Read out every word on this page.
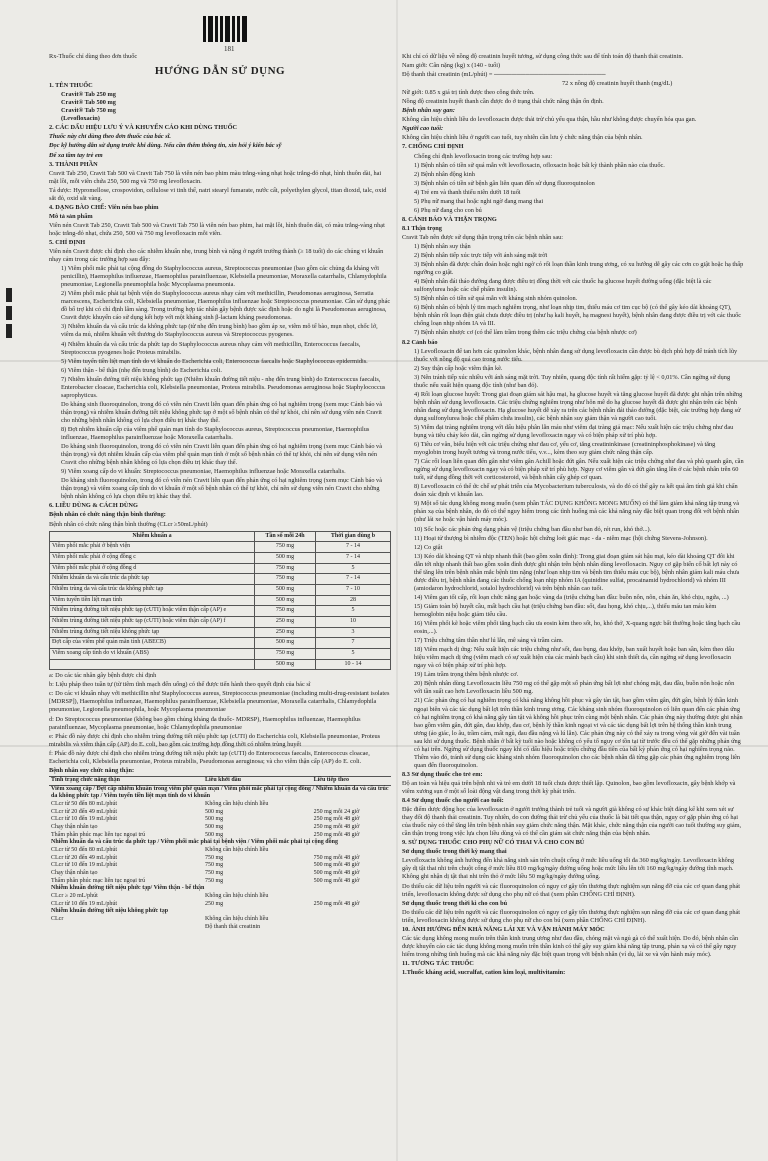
181
Rx-Thuốc chỉ dùng theo đơn thuốc
HƯỚNG DẪN SỬ DỤNG
1. TÊN THUỐC
Cravit® Tab 250 mg
Cravit® Tab 500 mg
Cravit® Tab 750 mg
(Levofloxacin)
2. CÁC DẤU HIỆU LƯU Ý VÀ KHUYẾN CÁO KHI DÙNG THUỐC
Thuốc này chỉ dùng theo đơn thuốc của bác sĩ.
Đọc kỹ hướng dẫn sử dụng trước khi dùng. Nếu cần thêm thông tin, xin hỏi ý kiến bác sỹ
Để xa tầm tay trẻ em
3. THÀNH PHẦN
Cravit Tab 250, Cravit Tab 500 và Cravit Tab 750 là viên nén bao phim màu trắng-vàng nhạt hoặc trắng-đỏ nhạt, hình thuôn dài, hai mặt lồi, mỗi viên chứa 250, 500 mg và 750 mg levofloxacin.
Tá dược: Hypromellose, crospovidon, cellulose vi tinh thể, natri stearyl fumarate, nước cất, polyethylen glycol, titan dioxid, talc, oxid sắt đỏ, oxid sắt vàng.
4. DẠNG BÀO CHẾ: Viên nén bao phim
Mô tả sản phẩm
Viên nén Cravit Tab 250, Cravit Tab 500 và Cravit Tab 750 là viên nén bao phim, hai mặt lồi, hình thuôn dài, có màu trắng-vàng nhạt hoặc trắng-đỏ nhạt, chứa 250, 500 và 750 mg levofloxacin mỗi viên.
5. CHỈ ĐỊNH
Viên nén Cravit được chỉ định cho các nhiễm khuẩn nhẹ, trung bình và nặng ở người trưởng thành (≥ 18 tuổi) do các chủng vi khuẩn nhạy cảm trong các trường hợp sau đây:
1) Viêm phổi mắc phải tại cộng đồng do Staphylococcus aureus, Streptococcus pneumoniae (bao gồm các chủng đa kháng với penicillin), Haemophilus influenzae, Haemophilus parainfluenzae, Klebsiella pneumoniae, Moraxella catarrhalis, Chlamydophila pneumoniae, Legionella pneumophila hoặc Mycoplasma pneumonia.
2) Viêm phổi mắc phải tại bệnh viện do Staphylococcus aureus nhạy cảm với methicillin, Pseudomonas aeruginosa, Serratia marcescens, Escherichia coli, Klebsiella pneumoniae, Haemophilus influenzae hoặc Streptococcus pneumoniae. Cần sử dụng phác đồ bổ trợ khi có chỉ định lâm sàng. Trong trường hợp tác nhân gây bệnh được xác định hoặc do nghi là Pseudomonas aeruginosa, Cravit được khuyến cáo sử dụng kết hợp với một kháng sinh β-lactam kháng pseudomonas.
3) Nhiễm khuẩn da và cấu trúc da không phức tạp (từ nhẹ đến trung bình) bao gồm áp xe, viêm mô tế bào, mụn nhọt, chốc lở, viêm da mủ, nhiễm khuẩn vết thương do Staphylococcus aureus và Streptococcus pyogenes.
4) Nhiễm khuẩn da và cấu trúc da phức tạp do Staphylococcus aureus nhạy cảm với methicillin, Enterococcus faecalis, Streptococcus pyogenes hoặc Proteus mirabilis.
5) Viêm tuyến tiền liệt mạn tính do vi khuẩn do Escherichia coli, Enterococcus faecalis hoặc Staphylococcus epidermidis.
6) Viêm thận - bể thận (nhẹ đến trung bình) do Escherichia coli.
7) Nhiễm khuẩn đường tiết niệu không phức tạp (Nhiễm khuẩn đường tiết niệu - nhẹ đến trung bình) do Enterococcus faecalis, Enterobacter cloacae, Escherichia coli, Klebsiella pneumoniae, Proteus mirabilis. Pseudomonas aeruginosa hoặc Staphylococcus saprophyticus.
Do kháng sinh fluoroquinolon, trong đó có viên nén Cravit liên quan đến phản ứng có hại nghiêm trọng (xem mục Cảnh báo và thận trọng) và nhiễm khuẩn đường tiết niệu không phức tạp ở một số bệnh nhân có thể tự khỏi, chỉ nên sử dụng viên nén Cravit cho những bệnh nhân không có lựa chọn điều trị khác thay thế.
8) Đợt nhiễm khuẩn cấp của viêm phế quản mạn tính do Staphylococcus aureus, Streptococcus pneumoniae, Haemophilus influenzae, Haemophilus parainfluenzae hoặc Moraxella catarrhalis.
Do kháng sinh fluoroquinolon, trong đó có viên nén Cravit liên quan đến phản ứng có hại nghiêm trọng (xem mục Cảnh báo và thận trọng) và đợt nhiễm khuẩn cấp của viêm phế quản mạn tính ở một số bệnh nhân có thể tự khỏi, chỉ nên sử dụng viên nén Cravit cho những bệnh nhân không có lựa chọn điều trị khác thay thế.
9) Viêm xoang cấp do vi khuẩn: Streptococcus pneumoniae, Haemophilus influenzae hoặc Moraxella catarrhalis.
Do kháng sinh fluoroquinolon, trong đó có viên nén Cravit liên quan đến phản ứng có hại nghiêm trọng (xem mục Cảnh báo và thận trọng) và viêm xoang cấp tính do vi khuẩn ở một số bệnh nhân có thể tự khỏi, chỉ nên sử dụng viên nén Cravit cho những bệnh nhân không có lựa chọn điều trị khác thay thế.
6. LIỀU DÙNG & CÁCH DÙNG
Bệnh nhân có chức năng thận bình thường:
Bệnh nhân có chức năng thận bình thường (CLcr ≥50mL/phút)
Nhiễm khuẩn a	Tần số mỗi 24h	Thời gian dùng b
Viêm phổi mắc phải ở bệnh viện	750 mg	7 - 14
Viêm phổi mắc phải ở cộng đồng c	500 mg	7 - 14
Viêm phổi mắc phải ở cộng đồng d	750 mg	5
Nhiễm khuẩn da và cấu trúc da phức tạp	750 mg	7 - 14
Nhiễm trùng da và cấu trúc da không phức tạp	500 mg	7 - 10
Viêm tuyến tiền liệt mạn tính	500 mg	28
Nhiễm trùng đường tiết niệu phức tạp (cUTI) hoặc viêm thận cấp (AP) e	750 mg	5
Nhiễm trùng đường tiết niệu phức tạp (cUTI) hoặc viêm thận cấp (AP) f	250 mg	10
Nhiễm trùng đường tiết niệu không phức tạp	250 mg	3
Đợt cấp của viêm phế quản mãn tính (ABECB)	500 mg	7
Viêm xoang cấp tính do vi khuẩn (ABS)	750 mg	5
	500 mg	10 - 14
a: Do các tác nhân gây bệnh được chỉ định
b: Liệu pháp theo tuần tự (từ tiêm tĩnh mạch đến uống) có thể được tiến hành theo quyết định của bác sĩ
c: Do các vi khuẩn nhạy với methicillin như Staphylococcus aureus, Streptococcus pneumoniae (including multi-drug-resistant isolates [MDRSP]), Haemophilus influenzae, Haemophilus parainfluenzae, Klebsiella pneumoniae, Moraxella catarrhalis, Chlamydophila pneumoniae, Legionella pneumophila, hoặc Mycoplasma pneumoniae
d: Do Streptococcus pneumoniae (không bao gồm chủng kháng đa thuốc- MDRSP), Haemophilus influenzae, Haemophilus parainfluenzae, Mycoplasma pneumoniae, hoặc Chlamydophila pneumoniae
e: Phác đồ này được chỉ định cho nhiễm trùng đường tiết niệu phức tạp (cUTI) do Escherichia coli, Klebsiella pneumoniae, Proteus mirabilis và viêm thận cấp (AP) do E. coli, bao gồm các trường hợp đồng thời có nhiễm trùng huyết
f: Phác đồ này được chỉ định cho nhiễm trùng đường tiết niệu phức tạp (cUTI) do Enterococcus faecalis, Enterococcus cloacae, Escherichia coli, Klebsiella pneumoniae, Proteus mirabilis, Pseudomonas aeruginosa; và cho viêm thận cấp (AP) do E. coli.
Bệnh nhân suy chức năng thận:
Tình trạng chức năng thận	Liều khởi đầu	Liều tiếp theo
Viêm xoang cấp / Đợt cấp nhiễm khuẩn trong viêm phế quản mạn / Viêm phổi mắc phải tại cộng đồng / Nhiễm khuẩn da và cấu trúc da không phức tạp / Viêm tuyến tiền liệt mạn tính do vi khuẩn		
CLcr từ 50 đến 80 mL/phút	Không cần hiệu chỉnh liều	
CLcr từ 20 đến 49 mL/phút	500 mg	250 mg mỗi 24 giờ
CLcr từ 10 đến 19 mL/phút	500 mg	250 mg mỗi 48 giờ
Chạy thận nhân tạo	500 mg	250 mg mỗi 48 giờ
Thẩm phân phúc mạc liên tục ngoại trú	500 mg	250 mg mỗi 48 giờ
Nhiễm khuẩn da và cấu trúc da phức tạp / Viêm phổi mắc phải tại bệnh viện / Viêm phổi mắc phải tại cộng đồng		
CLcr từ 50 đến 80 mL/phút	Không cần hiệu chỉnh liều	
CLcr từ 20 đến 49 mL/phút	750 mg	750 mg mỗi 48 giờ
CLcr từ 10 đến 19 mL/phút	750 mg	500 mg mỗi 48 giờ
Chạy thận nhân tạo	750 mg	500 mg mỗi 48 giờ
Thẩm phân phúc mạc liên tục ngoại trú	750 mg	500 mg mỗi 48 giờ
Nhiễm khuẩn đường tiết niệu phức tạp/ Viêm thận - bể thận		
CLcr ≥ 20 mL/phút	Không cần hiệu chỉnh liều	
CLcr từ 10 đến 19 mL/phút	250 mg	250 mg mỗi 48 giờ
Nhiễm khuẩn đường tiết niệu không phức tạp		
CLcr	Không cần hiệu chỉnh liều	
	Độ thanh thải creatinin	
Khi chỉ có dữ liệu về nồng độ creatinin huyết tương, sử dụng công thức sau để tính toán độ thanh thải creatinin.
Nam giới: Cân nặng (kg) x (140 - tuổi)
Độ thanh thải creatinin (mL/phút) = ─────────────────────────
72 x nồng độ creatinin huyết thanh (mg/dL)
Nữ giới: 0.85 x giá trị tính được theo công thức trên.
Nồng độ creatinin huyết thanh cần được đo ở trạng thái chức năng thận ổn định.
Bệnh nhân suy gan:
Không cần hiệu chỉnh liều do levofloxacin được thải trừ chủ yếu qua thận, hầu như không được chuyển hóa qua gan.
Người cao tuổi:
Không cần hiệu chỉnh liều ở người cao tuổi, tuy nhiên cần lưu ý chức năng thận của bệnh nhân.
7. CHỐNG CHỈ ĐỊNH
Chống chỉ định levofloxacin trong các trường hợp sau:
1) Bệnh nhân có tiền sử quá mẫn với levofloxacin, ofloxacin hoặc bất kỳ thành phần nào của thuốc.
2) Bệnh nhân động kinh
3) Bệnh nhân có tiền sử bệnh gân liên quan đến sử dụng fluoroquinolon
4) Trẻ em và thanh thiếu niên dưới 18 tuổi
5) Phụ nữ mang thai hoặc nghi ngờ đang mang thai
6) Phụ nữ đang cho con bú
8. CẢNH BÁO VÀ THẬN TRỌNG
8.1 Thận trọng
Cravit Tab nên được sử dụng thận trọng trên các bệnh nhân sau:
1) Bệnh nhân suy thận
2) Bệnh nhân tiếp xúc trực tiếp với ánh sáng mặt trời
3) Bệnh nhân đã được chẩn đoán hoặc nghi ngờ có rối loạn thần kinh trung ương, có xu hướng dễ gây các cơn co giật hoặc hạ thấp ngưỡng co giật.
4) Bệnh nhân đái tháo đường đang được điều trị đồng thời với các thuốc hạ glucose huyết đường uống (đặc biệt là các sulfonylurea hoặc các chế phẩm insulin).
5) Bệnh nhân có tiền sử quá mẫn với kháng sinh nhóm quinolon.
6) Bệnh nhân có bệnh lý tim mạch nghiêm trọng, như loạn nhịp tim, thiếu máu cơ tim cục bộ (có thể gây kéo dài khoảng QT), bệnh nhân rối loạn điện giải chưa được điều trị (như hạ kali huyết, hạ magnesi huyết), bệnh nhân đang được điều trị với các thuốc chống loạn nhịp nhóm IA và III.
7) Bệnh nhân nhược cơ (có thể làm trầm trọng thêm các triệu chứng của bệnh nhược cơ)
8.2 Cảnh báo
1) Levofloxacin để tan hơn các quinolon khác, bệnh nhân đang sử dụng levofloxacin cần được bù dịch phù hợp để tránh tích lũy thuốc với nồng độ quá cao trong nước tiểu.
2) Suy thận cấp hoặc viêm thận kẽ.
3) Nên tránh tiếp xúc nhiều với ánh sáng mặt trời. Tuy nhiên, quang độc tính rất hiếm gặp: tỷ lệ < 0,01%. Cần ngừng sử dụng thuốc nếu xuất hiện quang độc tính (như ban đỏ).
4) Rối loạn glucose huyết: Trong giai đoạn giám sát hậu mại, hạ glucose huyết và tăng glucose huyết đã được ghi nhận trên những bệnh nhân sử dụng levofloxacin. Các triệu chứng nghiêm trọng như hôn mê do hạ glucose huyết đã được ghi nhận trên các bệnh nhân đang sử dụng levofloxacin. Hạ glucose huyết dễ xảy ra trên các bệnh nhân đái tháo đường (đặc biệt, các trường hợp đang sử dụng sulfonylurea hoặc chế phẩm chứa insulin), các bệnh nhân suy giảm thận và người cao tuổi.
5) Viêm đại tràng nghiêm trọng với dấu hiệu phân lẫn máu như viêm đại tràng giả mạc: Nếu xuất hiện các triệu chứng như đau bụng và tiêu chảy kéo dài, cần ngừng sử dụng levofloxacin ngay và có biện pháp xử trí phù hợp.
6) Tiêu cơ vân, biểu hiện với các triệu chứng như đau cơ, yếu cơ, tăng creatininkinase (creatininphosphokinase) và tăng myoglobin trong huyết tương và trong nước tiểu, v.v..., kèm theo suy giảm chức năng thận cấp.
7) Các rối loạn liên quan đến gân như viêm gân Achill hoặc đứt gân. Nếu xuất hiện các triệu chứng như đau và phù quanh gân, cần ngừng sử dụng levofloxacin ngay và có biện pháp xử trí phù hợp. Nguy cơ viêm gân và đứt gân tăng lên ở các bệnh nhân trên 60 tuổi, sử dụng đồng thời với corticosteroid, và bệnh nhân cấy ghép cơ quan.
8) Levofloxacin có thể ức chế sự phát triển của Mycobacterium tuberculosis, và do đó có thể gây ra kết quả âm tính giả khi chẩn đoán xác định vi khuẩn lao.
9) Một số tác dụng không mong muốn (xem phần TÁC DỤNG KHÔNG MONG MUỐN) có thể làm giảm khả năng tập trung và phản xạ của bệnh nhân, do đó có thể nguy hiểm trong các tình huống mà các khả năng này đặc biệt quan trọng đối với bệnh nhân (như lái xe hoặc vận hành máy móc).
10) Sốc hoặc các phản ứng dạng phản vệ (triệu chứng ban đầu như ban đỏ, rét run, khó thở...).
11) Hoại tử thượng bì nhiễm độc (TEN) hoặc hội chứng loét giác mạc - da - niêm mạc (hội chứng Stevens-Johnson).
12) Co giật
13) Kéo dài khoảng QT và nhịp nhanh thất (bao gồm xoắn đỉnh): Trong giai đoạn giám sát hậu mại, kéo dài khoảng QT đôi khi dẫn tới nhịp nhanh thất bao gồm xoắn đỉnh được ghi nhận trên bệnh nhân dùng levofloxacin. Nguy cơ gặp biến cố bất lợi này có thể tăng lên trên bệnh nhân mắc bệnh tim nặng (như loạn nhịp tim và bệnh tim thiếu máu cục bộ), bệnh nhân giảm kali máu chưa được điều trị, bệnh nhân đang các thuốc chống loạn nhịp nhóm IA (quinidine sulfat, procainamid hydrochlorid) và nhóm III (amiodaron hydrochlorid, sotalol hydrochlorid) và trên bệnh nhân cao tuổi.
14) Viêm gan tối cấp, rối loạn chức năng gan hoặc vàng da (triệu chứng ban đầu: buồn nôn, nôn, chán ăn, khó chịu, ngứa, ...)
15) Giảm toàn bộ huyết cầu, mất bạch cầu hạt (triệu chứng ban đầu: sốt, đau họng, khó chịu,...), thiếu máu tan máu kèm hemoglobin niệu hoặc giảm tiểu cầu.
16) Viêm phổi kẽ hoặc viêm phổi tăng bạch cầu ưa eosin kèm theo sốt, ho, khó thở, X-quang ngực bất thường hoặc tăng bạch cầu eosin,...).
17) Triệu chứng tâm thần như lú lẫn, mê sảng và trầm cảm.
18) Viêm mạch dị ứng: Nếu xuất hiện các triệu chứng như sốt, đau bụng, đau khớp, ban xuất huyết hoặc ban sần, kèm theo dấu hiệu viêm mạch dị ứng (viêm mạch có sự xuất hiện của các mảnh bạch cầu) khi sinh thiết da, cần ngừng sử dụng levofloxacin ngay và có biện pháp xử trí phù hợp.
19) Làm trầm trọng thêm bệnh nhược cơ.
20) Bệnh nhân dùng Levofloxacin liều 750 mg có thể gặp một số phản ứng bất lợi như chóng mặt, đau đầu, buồn nôn hoặc nôn với tần suất cao hơn Levofloxacin liều 500 mg.
21) Các phản ứng có hại nghiêm trọng có khả năng không hồi phục và gây tàn tật, bao gồm viêm gân, đứt gân, bệnh lý thần kinh ngoại biên và các tác dụng bất lợi trên thần kinh trung ương. Các kháng sinh nhóm fluoroquinolon có liên quan đến các phản ứng có hại nghiêm trọng có khả năng gây tàn tật và không hồi phục trên cùng một bệnh nhân. Các phản ứng này thường được ghi nhận bao gồm viêm gân, đứt gân, đau khớp, đau cơ, bệnh lý thần kinh ngoại vi và các tác dụng bất lợi trên hệ thống thần kinh trung ương (ảo giác, lo âu, trầm cảm, mất ngủ, đau đầu nặng và lú lẫn). Các phản ứng này có thể xảy ra trong vòng vài giờ đến vài tuần sau khi sử dụng thuốc. Bệnh nhân ở bất kỳ tuổi nào hoặc không có yếu tố nguy cơ tồn tại từ trước đều có thể gặp những phản ứng có hại trên. Ngừng sử dụng thuốc ngay khi có dấu hiệu hoặc triệu chứng đầu tiên của bất kỳ phản ứng có hại nghiêm trọng nào. Thêm vào đó, tránh sử dụng các kháng sinh nhóm fluoroquinolon cho các bệnh nhân đã từng gặp các phản ứng nghiêm trọng liên quan đến fluoroquinolon.
8.3 Sử dụng thuốc cho trẻ em:
Độ an toàn và hiệu quả trên bệnh nhi và trẻ em dưới 18 tuổi chưa được thiết lập. Quinolon, bao gồm levofloxacin, gây bệnh khớp và viêm xương sụn ở một số loài động vật đang trong thời kỳ phát triển.
8.4 Sử dụng thuốc cho người cao tuổi:
Đặc điểm dược động học của levofloxacin ở người trưởng thành trẻ tuổi và người già không có sự khác biệt đáng kể khi xem xét sự thay đổi độ thanh thải creatinin. Tuy nhiên, do con đường thải trừ chủ yếu của thuốc là bài tiết qua thận, nguy cơ gặp phản ứng có hại của thuốc này có thể tăng lên trên bệnh nhân suy giảm chức năng thận. Mặt khác, chức năng thận của người cao tuổi thường suy giảm, cần thận trọng trong việc lựa chọn liều dùng và có thể cần giám sát chức năng thận của bệnh nhân.
9. SỬ DỤNG THUỐC CHO PHỤ NỮ CÓ THAI VÀ CHO CON BÚ
Sử dụng thuốc trong thời kỳ mang thai
Levofloxacin không ảnh hưởng đến khả năng sinh sản trên chuột cống ở mức liều uống tối đa 360 mg/kg/ngày. Levofloxacin không gây dị tật thai nhi trên chuột cống ở mức liều 810 mg/kg/ngày đường uống hoặc mức liều lên tới 160 mg/kg/ngày đường tĩnh mạch. Không ghi nhận dị tật thai nhi trên thỏ ở mức liều 50 mg/kg/ngày đường uống.
Do thiếu các dữ liệu trên người và các fluoroquinolon có nguy cơ gây tổn thương thực nghiệm sụn năng đỡ của các cơ quan đang phát triển, levofloxacin không được sử dụng cho phụ nữ có thai (xem phần CHỐNG CHỈ ĐỊNH).
Sử dụng thuốc trong thời kì cho con bú
Do thiếu các dữ liệu trên người và các fluoroquinolon có nguy cơ gây tổn thương thực nghiệm sụn năng đỡ của các cơ quan đang phát triển, levofloxacin không được sử dụng cho phụ nữ cho con bú (xem phần CHỐNG CHỈ ĐỊNH).
10. ẢNH HƯỞNG ĐẾN KHẢ NĂNG LÁI XE VÀ VẬN HÀNH MÁY MÓC
Các tác dụng không mong muốn trên thần kinh trung ương như đau đầu, chóng mặt và ngủ gà có thể xuất hiện. Do đó, bệnh nhân cần được khuyến cáo các tác dụng không mong muốn trên thần kinh có thể gây suy giảm khả năng tập trung, phản xạ và có thể gây nguy hiểm trong những tình huống mà các khả năng này đặc biệt quan trọng với bệnh nhân (ví dụ, lái xe và vận hành máy móc).
11. TƯƠNG TÁC THUỐC
1.Thuốc kháng acid, sucralfat, cation kim loại, multivitamin:
